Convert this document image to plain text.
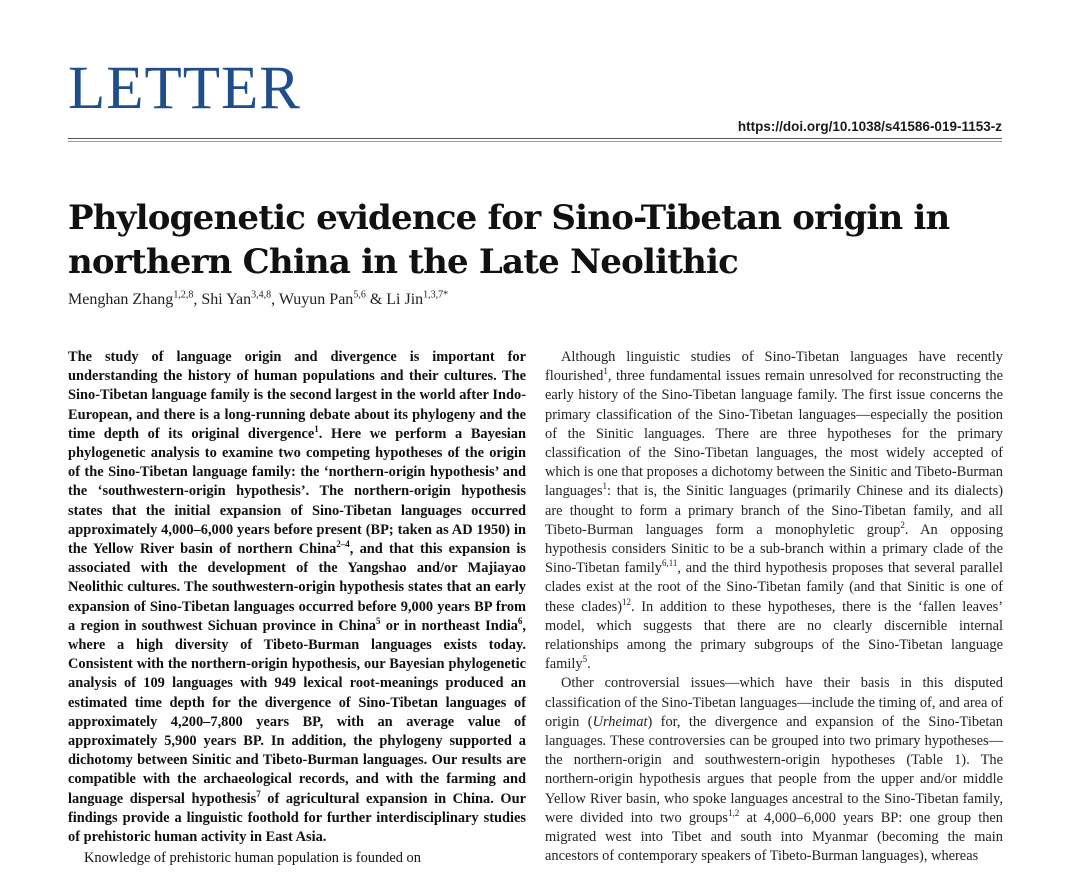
LETTER
https://doi.org/10.1038/s41586-019-1153-z
Phylogenetic evidence for Sino-Tibetan origin in
northern China in the Late Neolithic
Menghan Zhang$^{1,2,8}$, Shi Yan$^{3,4,8}$, Wuyun Pan$^{5,6}$ & Li Jin$^{1,3,7*}$

The study of language origin and divergence is important for understanding the history of human populations and their cultures. The Sino-Tibetan language family is the second largest in the world after Indo-European, and there is a long-running debate about its phylogeny and the time depth of its original divergence$^1$. Here we perform a Bayesian phylogenetic analysis to examine two competing hypotheses of the origin of the Sino-Tibetan language family: the ‘northern-origin hypothesis’ and the ‘southwestern-origin hypothesis’. The northern-origin hypothesis states that the initial expansion of Sino-Tibetan languages occurred approximately 4,000–6,000 years before present (BP; taken as AD 1950) in the Yellow River basin of northern China$^{2-4}$, and that this expansion is associated with the development of the Yangshao and/or Majiayao Neolithic cultures. The southwestern-origin hypothesis states that an early expansion of Sino-Tibetan languages occurred before 9,000 years BP from a region in southwest Sichuan province in China$^5$ or in northeast India$^6$, where a high diversity of Tibeto-Burman languages exists today. Consistent with the northern-origin hypothesis, our Bayesian phylogenetic analysis of 109 languages with 949 lexical root-meanings produced an estimated time depth for the divergence of Sino-Tibetan languages of approximately 4,200–7,800 years BP, with an average value of approximately 5,900 years BP. In addition, the phylogeny supported a dichotomy between Sinitic and Tibeto-Burman languages. Our results are compatible with the archaeological records, and with the farming and language dispersal hypothesis$^7$ of agricultural expansion in China. Our findings provide a linguistic foothold for further interdisciplinary studies of prehistoric human activity in East Asia.

Knowledge of prehistoric human population is founded on

Although linguistic studies of Sino-Tibetan languages have recently flourished$^1$, three fundamental issues remain unresolved for reconstructing the early history of the Sino-Tibetan language family. The first issue concerns the primary classification of the Sino-Tibetan languages—especially the position of the Sinitic languages. There are three hypotheses for the primary classification of the Sino-Tibetan languages, the most widely accepted of which is one that proposes a dichotomy between the Sinitic and Tibeto-Burman languages$^1$: that is, the Sinitic languages (primarily Chinese and its dialects) are thought to form a primary branch of the Sino-Tibetan family, and all Tibeto-Burman languages form a monophyletic group$^2$. An opposing hypothesis considers Sinitic to be a sub-branch within a primary clade of the Sino-Tibetan family$^{6,11}$, and the third hypothesis proposes that several parallel clades exist at the root of the Sino-Tibetan family (and that Sinitic is one of these clades)$^{12}$. In addition to these hypotheses, there is the ‘fallen leaves’ model, which suggests that there are no clearly discernible internal relationships among the primary subgroups of the Sino-Tibetan language family$^5$.

Other controversial issues—which have their basis in this disputed classification of the Sino-Tibetan languages—include the timing of, and area of origin (Urheimat) for, the divergence and expansion of the Sino-Tibetan languages. These controversies can be grouped into two primary hypotheses—the northern-origin and southwestern-origin hypotheses (Table 1). The northern-origin hypothesis argues that people from the upper and/or middle Yellow River basin, who spoke languages ancestral to the Sino-Tibetan family, were divided into two groups$^{1,2}$ at 4,000–6,000 years BP: one group then migrated west into Tibet and south into Myanmar (becoming the main ancestors of contemporary speakers of Tibeto-Burman languages), whereas
